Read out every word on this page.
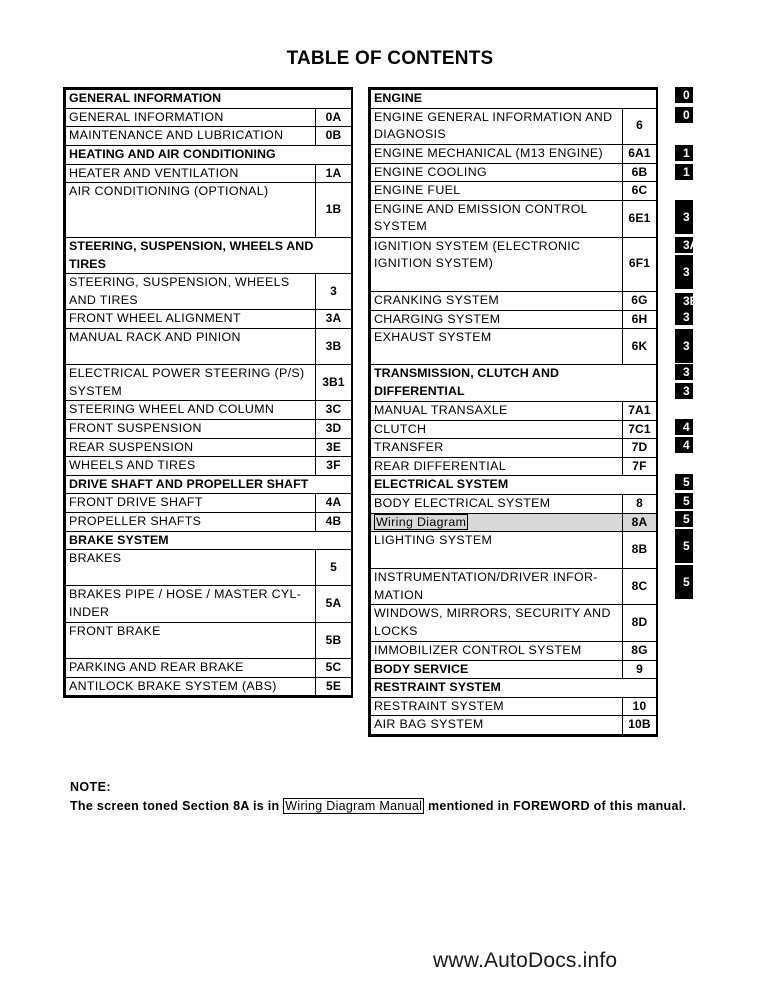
TABLE OF CONTENTS
GENERAL INFORMATION	
GENERAL INFORMATION	0A
MAINTENANCE AND LUBRICATION	0B
HEATING AND AIR CONDITIONING	
HEATER AND VENTILATION	1A
AIR CONDITIONING (OPTIONAL)	1B
STEERING, SUSPENSION, WHEELS AND TIRES	
STEERING, SUSPENSION, WHEELS AND TIRES	3
FRONT WHEEL ALIGNMENT	3A
MANUAL RACK AND PINION	3B
ELECTRICAL POWER STEERING (P/S) SYSTEM	3B1
STEERING WHEEL AND COLUMN	3C
FRONT SUSPENSION	3D
REAR SUSPENSION	3E
WHEELS AND TIRES	3F
DRIVE SHAFT AND PROPELLER SHAFT	
FRONT DRIVE SHAFT	4A
PROPELLER SHAFTS	4B
BRAKE SYSTEM	
BRAKES	5
BRAKES PIPE / HOSE / MASTER CYL-INDER	5A
FRONT BRAKE	5B
PARKING AND REAR BRAKE	5C
ANTILOCK BRAKE SYSTEM (ABS)	5E
ENGINE	
ENGINE GENERAL INFORMATION AND DIAGNOSIS	6
ENGINE MECHANICAL (M13 ENGINE)	6A1
ENGINE COOLING	6B
ENGINE FUEL	6C
ENGINE AND EMISSION CONTROL SYSTEM	6E1
IGNITION SYSTEM (ELECTRONIC IGNITION SYSTEM)	6F1
CRANKING SYSTEM	6G
CHARGING SYSTEM	6H
EXHAUST SYSTEM	6K
TRANSMISSION, CLUTCH AND DIFFERENTIAL	
MANUAL TRANSAXLE	7A1
CLUTCH	7C1
TRANSFER	7D
REAR DIFFERENTIAL	7F
ELECTRICAL SYSTEM	
BODY ELECTRICAL SYSTEM	8
Wiring Diagram	8A
LIGHTING SYSTEM	8B
INSTRUMENTATION/DRIVER INFOR-MATION	8C
WINDOWS, MIRRORS, SECURITY AND LOCKS	8D
IMMOBILIZER CONTROL SYSTEM	8G
BODY SERVICE	9
RESTRAINT SYSTEM	
RESTRAINT SYSTEM	10
AIR BAG SYSTEM	10B
0
0
1
1
3
3A
3
3B
3
3
3
3
4
4
5
5
5
5
5
NOTE:
The screen toned Section 8A is in Wiring Diagram Manual mentioned in FOREWORD of this manual.
www.AutoDocs.info
